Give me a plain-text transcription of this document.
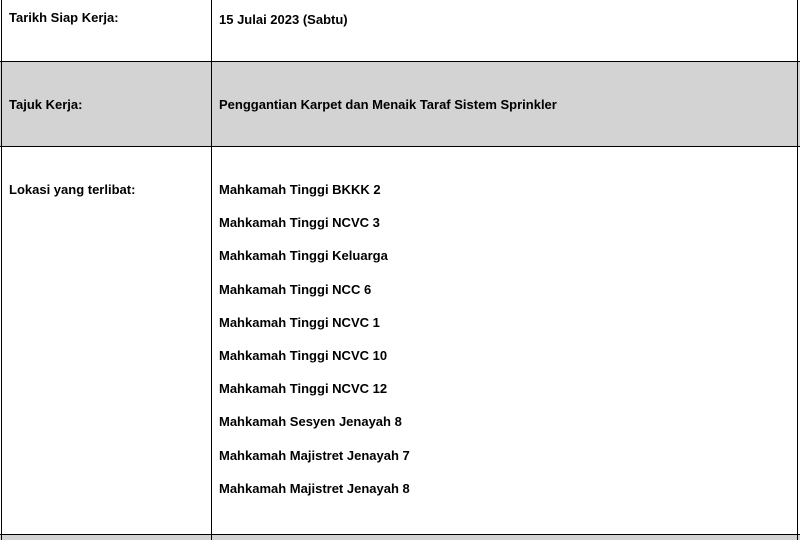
Tarikh Siap Kerja:	15 Julai 2023 (Sabtu)
Tajuk Kerja:	Penggantian Karpet dan Menaik Taraf Sistem Sprinkler
Lokasi yang terlibat:	Mahkamah Tinggi BKKK 2
Mahkamah Tinggi NCVC 3
Mahkamah Tinggi Keluarga
Mahkamah Tinggi NCC 6
Mahkamah Tinggi NCVC 1
Mahkamah Tinggi NCVC 10
Mahkamah Tinggi NCVC 12
Mahkamah Sesyen Jenayah 8
Mahkamah Majistret Jenayah 7
Mahkamah Majistret Jenayah 8
